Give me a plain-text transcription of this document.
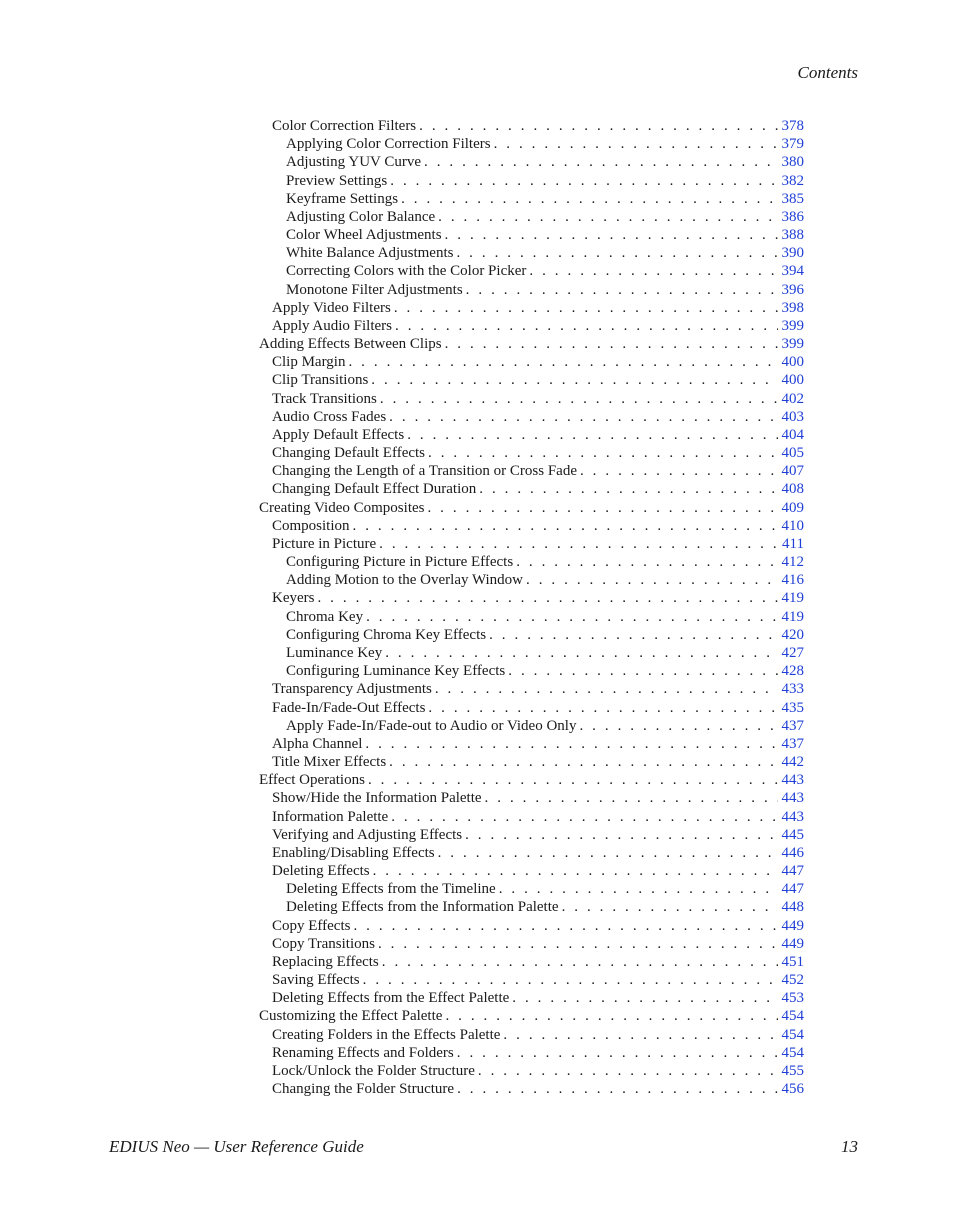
Contents
Color Correction Filters . . .	378
Applying Color Correction Filters . . .	379
Adjusting YUV Curve . . .	380
Preview Settings . . .	382
Keyframe Settings . . .	385
Adjusting Color Balance . . .	386
Color Wheel Adjustments . . .	388
White Balance Adjustments . . .	390
Correcting Colors with the Color Picker . . .	394
Monotone Filter Adjustments . . .	396
Apply Video Filters . . .	398
Apply Audio Filters . . .	399
Adding Effects Between Clips . . .	399
Clip Margin . . .	400
Clip Transitions . . .	400
Track Transitions . . .	402
Audio Cross Fades . . .	403
Apply Default Effects . . .	404
Changing Default Effects . . .	405
Changing the Length of a Transition or Cross Fade . . .	407
Changing Default Effect Duration . . .	408
Creating Video Composites . . .	409
Composition . . .	410
Picture in Picture . . .	411
Configuring Picture in Picture Effects . . .	412
Adding Motion to the Overlay Window . . .	416
Keyers . . .	419
Chroma Key . . .	419
Configuring Chroma Key Effects . . .	420
Luminance Key . . .	427
Configuring Luminance Key Effects . . .	428
Transparency Adjustments . . .	433
Fade-In/Fade-Out Effects . . .	435
Apply Fade-In/Fade-out to Audio or Video Only . . .	437
Alpha Channel . . .	437
Title Mixer Effects . . .	442
Effect Operations . . .	443
Show/Hide the Information Palette . . .	443
Information Palette . . .	443
Verifying and Adjusting Effects . . .	445
Enabling/Disabling Effects . . .	446
Deleting Effects . . .	447
Deleting Effects from the Timeline . . .	447
Deleting Effects from the Information Palette . . .	448
Copy Effects . . .	449
Copy Transitions . . .	449
Replacing Effects . . .	451
Saving Effects . . .	452
Deleting Effects from the Effect Palette . . .	453
Customizing the Effect Palette . . .	454
Creating Folders in the Effects Palette . . .	454
Renaming Effects and Folders . . .	454
Lock/Unlock the Folder Structure . . .	455
Changing the Folder Structure . . .	456
EDIUS Neo — User Reference Guide	13
